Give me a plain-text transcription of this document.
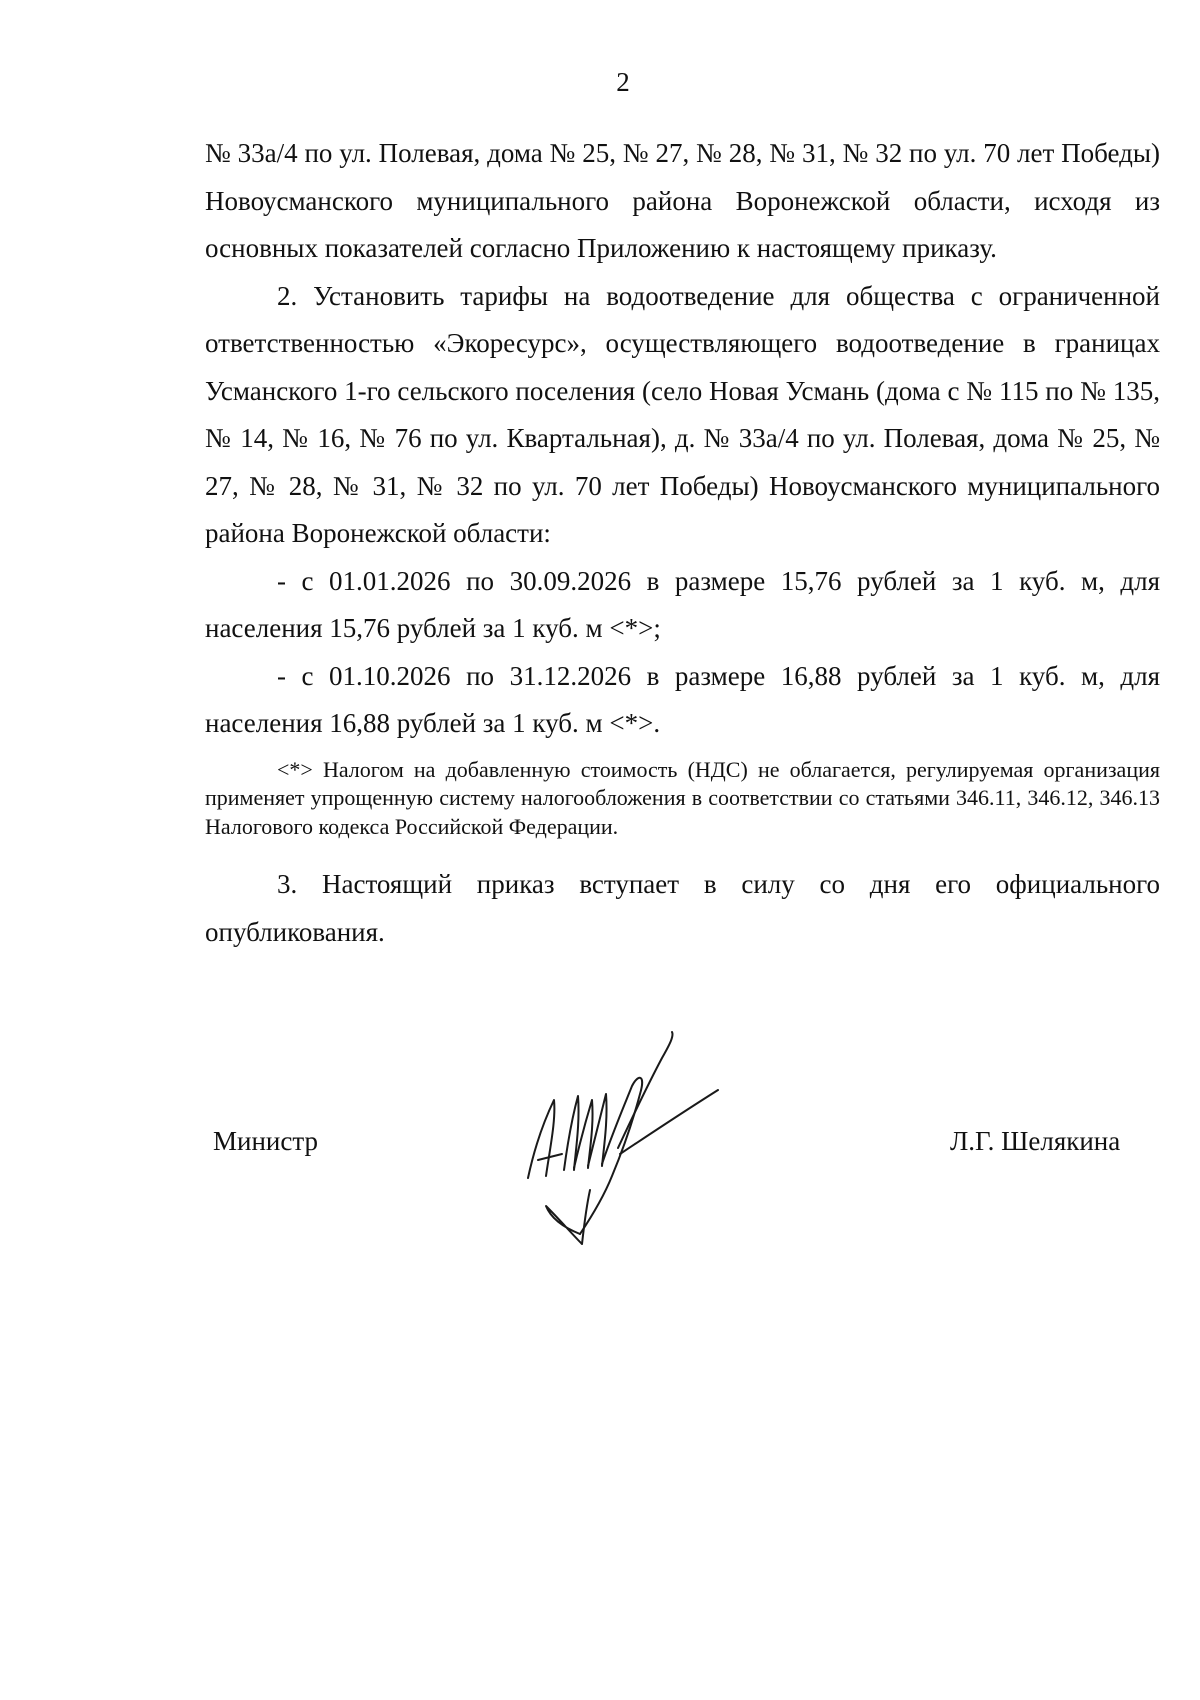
2

№ 33а/4 по ул. Полевая, дома № 25, № 27, № 28, № 31, № 32 по ул. 70 лет Победы) Новоусманского муниципального района Воронежской области, исходя из основных показателей согласно Приложению к настоящему приказу.

2. Установить тарифы на водоотведение для общества с ограниченной ответственностью «Экоресурс», осуществляющего водоотведение в границах Усманского 1-го сельского поселения (село Новая Усмань (дома с № 115 по № 135, № 14, № 16, № 76 по ул. Квартальная), д. № 33а/4 по ул. Полевая, дома № 25, № 27, № 28, № 31, № 32 по ул. 70 лет Победы) Новоусманского муниципального района Воронежской области:

- с 01.01.2026 по 30.09.2026 в размере 15,76 рублей за 1 куб. м, для населения 15,76 рублей за 1 куб. м <*>;

- с 01.10.2026 по 31.12.2026 в размере 16,88 рублей за 1 куб. м, для населения 16,88 рублей за 1 куб. м <*>.

<*> Налогом на добавленную стоимость (НДС) не облагается, регулируемая организация применяет упрощенную систему налогообложения в соответствии со статьями 346.11, 346.12, 346.13 Налогового кодекса Российской Федерации.

3. Настоящий приказ вступает в силу со дня его официального опубликования.

Министр	Л.Г. Шелякина
